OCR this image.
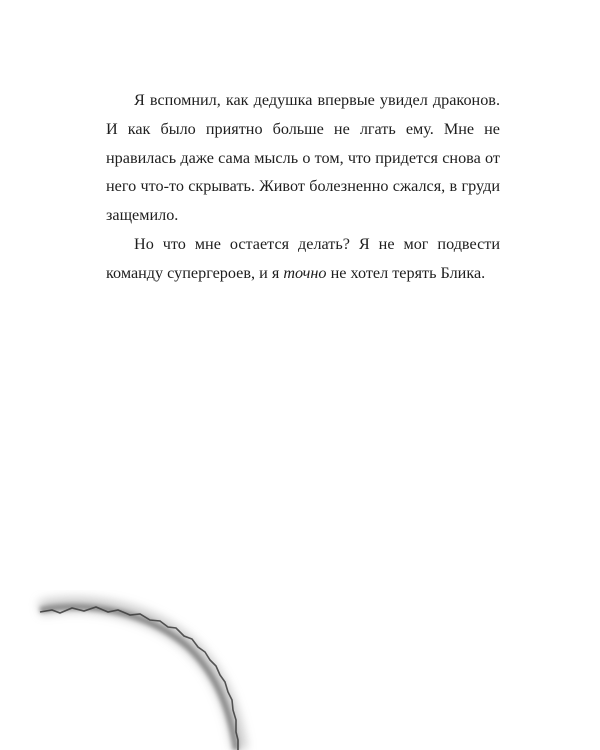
Я вспомнил, как дедушка впервые увидел драконов. И как было приятно больше не лгать ему. Мне не нравилась даже сама мысль о том, что придется снова от него что-то скрывать. Живот болезненно сжался, в груди защемило.

Но что мне остается делать? Я не мог подвести команду супергероев, и я точно не хотел терять Блика.
